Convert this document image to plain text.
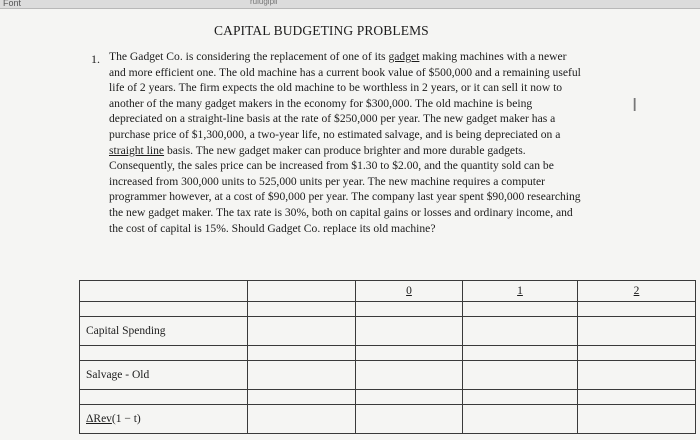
Font	rulugipii
CAPITAL BUDGETING PROBLEMS
1. The Gadget Co. is considering the replacement of one of its gadget making machines with a newer and more efficient one. The old machine has a current book value of $500,000 and a remaining useful life of 2 years. The firm expects the old machine to be worthless in 2 years, or it can sell it now to another of the many gadget makers in the economy for $300,000. The old machine is being depreciated on a straight-line basis at the rate of $250,000 per year. The new gadget maker has a purchase price of $1,300,000, a two-year life, no estimated salvage, and is being depreciated on a straight line basis. The new gadget maker can produce brighter and more durable gadgets. Consequently, the sales price can be increased from $1.30 to $2.00, and the quantity sold can be increased from 300,000 units to 525,000 units per year. The new machine requires a computer programmer however, at a cost of $90,000 per year. The company last year spent $90,000 researching the new gadget maker. The tax rate is 30%, both on capital gains or losses and ordinary income, and the cost of capital is 15%. Should Gadget Co. replace its old machine?

I
		0	1	2

Capital Spending				

Salvage - Old				

ΔRev(1 − t)				
